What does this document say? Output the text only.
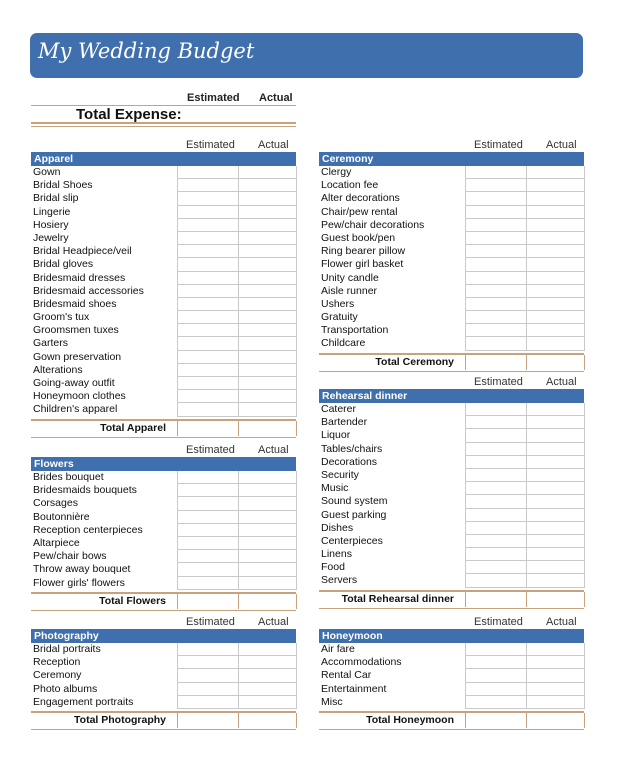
My Wedding Budget
Estimated Actual
Total Expense:
Estimated Actual
Apparel
Gown
Bridal Shoes
Bridal slip
Lingerie
Hosiery
Jewelry
Bridal Headpiece/veil
Bridal gloves
Bridesmaid dresses
Bridesmaid accessories
Bridesmaid shoes
Groom's tux
Groomsmen tuxes
Garters
Gown preservation
Alterations
Going-away outfit
Honeymoon clothes
Children's apparel
Total Apparel
Estimated Actual
Ceremony
Clergy
Location fee
Alter decorations
Chair/pew rental
Pew/chair decorations
Guest book/pen
Ring bearer pillow
Flower girl basket
Unity candle
Aisle runner
Ushers
Gratuity
Transportation
Childcare
Total Ceremony
Estimated Actual
Rehearsal dinner
Caterer
Bartender
Liquor
Tables/chairs
Decorations
Security
Music
Sound system
Guest parking
Dishes
Centerpieces
Linens
Food
Servers
Total Rehearsal dinner
Estimated Actual
Flowers
Brides bouquet
Bridesmaids bouquets
Corsages
Boutonnière
Reception centerpieces
Altarpiece
Pew/chair bows
Throw away bouquet
Flower girls' flowers
Total Flowers
Estimated Actual
Photography
Bridal portraits
Reception
Ceremony
Photo albums
Engagement portraits
Total Photography
Estimated Actual
Honeymoon
Air fare
Accommodations
Rental Car
Entertainment
Misc
Total Honeymoon
